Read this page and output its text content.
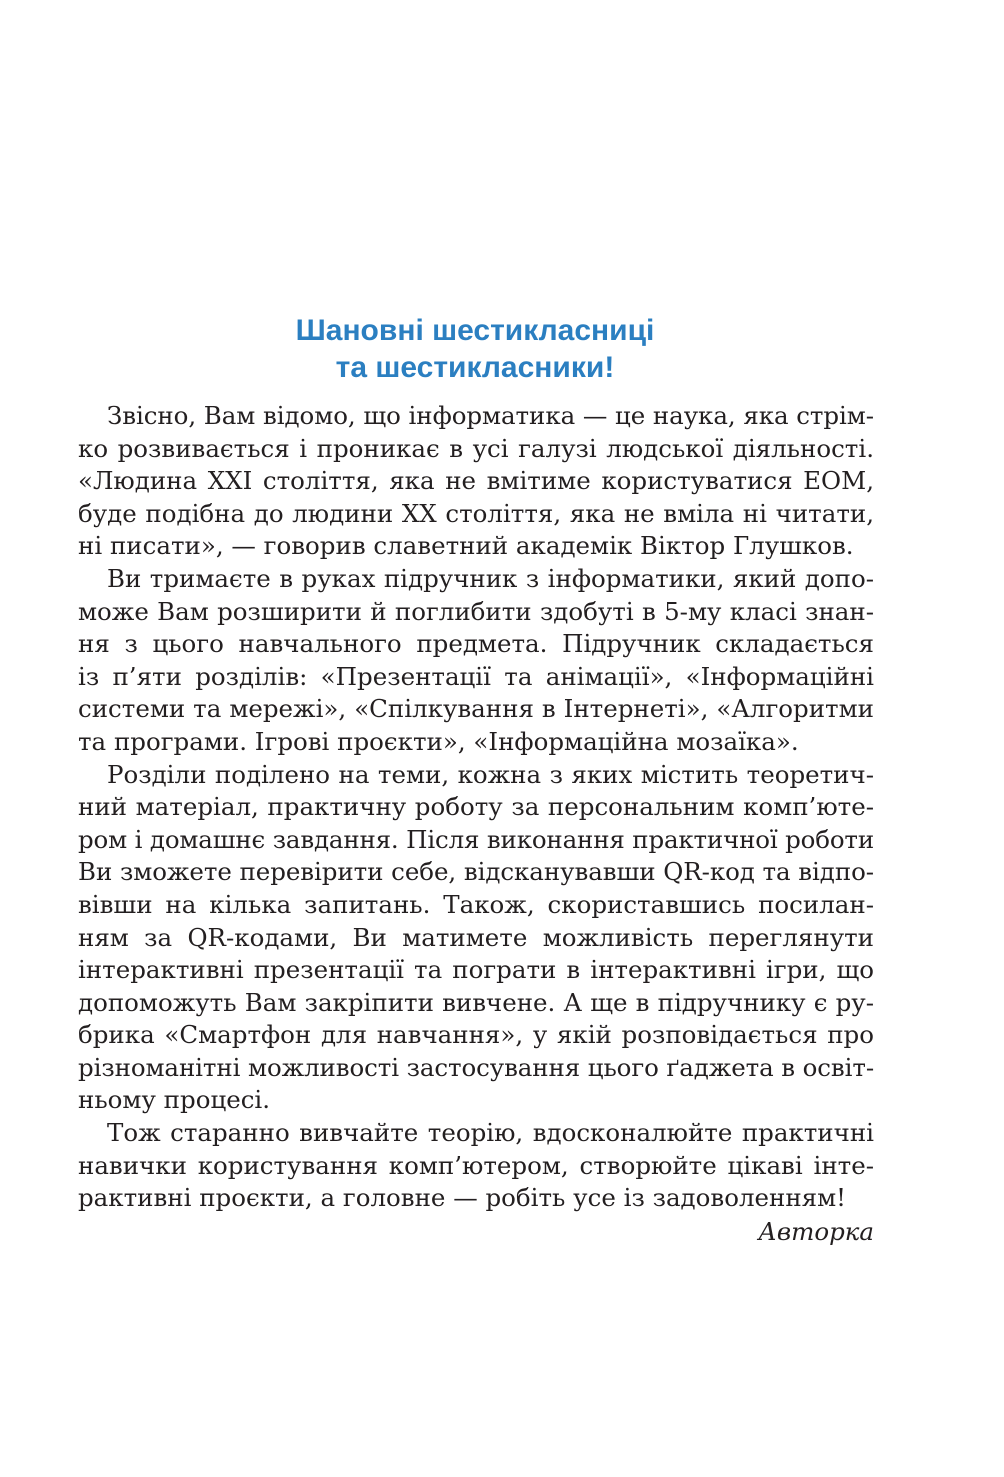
Шановні шестикласниці
та шестикласники!
Звісно, Вам відомо, що інформатика — це наука, яка стрім-
ко розвивається і проникає в усі галузі людської діяльності.
«Людина XXI століття, яка не вмітиме користуватися ЕОМ,
буде подібна до людини XX століття, яка не вміла ні читати,
ні писати», — говорив славетний академік Віктор Глушков.
Ви тримаєте в руках підручник з інформатики, який допо-
може Вам розширити й поглибити здобуті в 5-му класі знан-
ня з цього навчального предмета. Підручник складається
із п’яти розділів: «Презентації та анімації», «Інформаційні
системи та мережі», «Спілкування в Інтернеті», «Алгоритми
та програми. Ігрові проєкти», «Інформаційна мозаїка».
Розділи поділено на теми, кожна з яких містить теоретич-
ний матеріал, практичну роботу за персональним комп’юте-
ром і домашнє завдання. Після виконання практичної роботи
Ви зможете перевірити себе, відсканувавши QR-код та відпо-
вівши на кілька запитань. Також, скориставшись посилан-
ням за QR-кодами, Ви матимете можливість переглянути
інтерактивні презентації та пограти в інтерактивні ігри, що
допоможуть Вам закріпити вивчене. А ще в підручнику є ру-
брика «Смартфон для навчання», у якій розповідається про
різноманітні можливості застосування цього ґаджета в освіт-
ньому процесі.
Тож старанно вивчайте теорію, вдосконалюйте практичні
навички користування комп’ютером, створюйте цікаві інте-
рактивні проєкти, а головне — робіть усе із задоволенням!
Авторка
